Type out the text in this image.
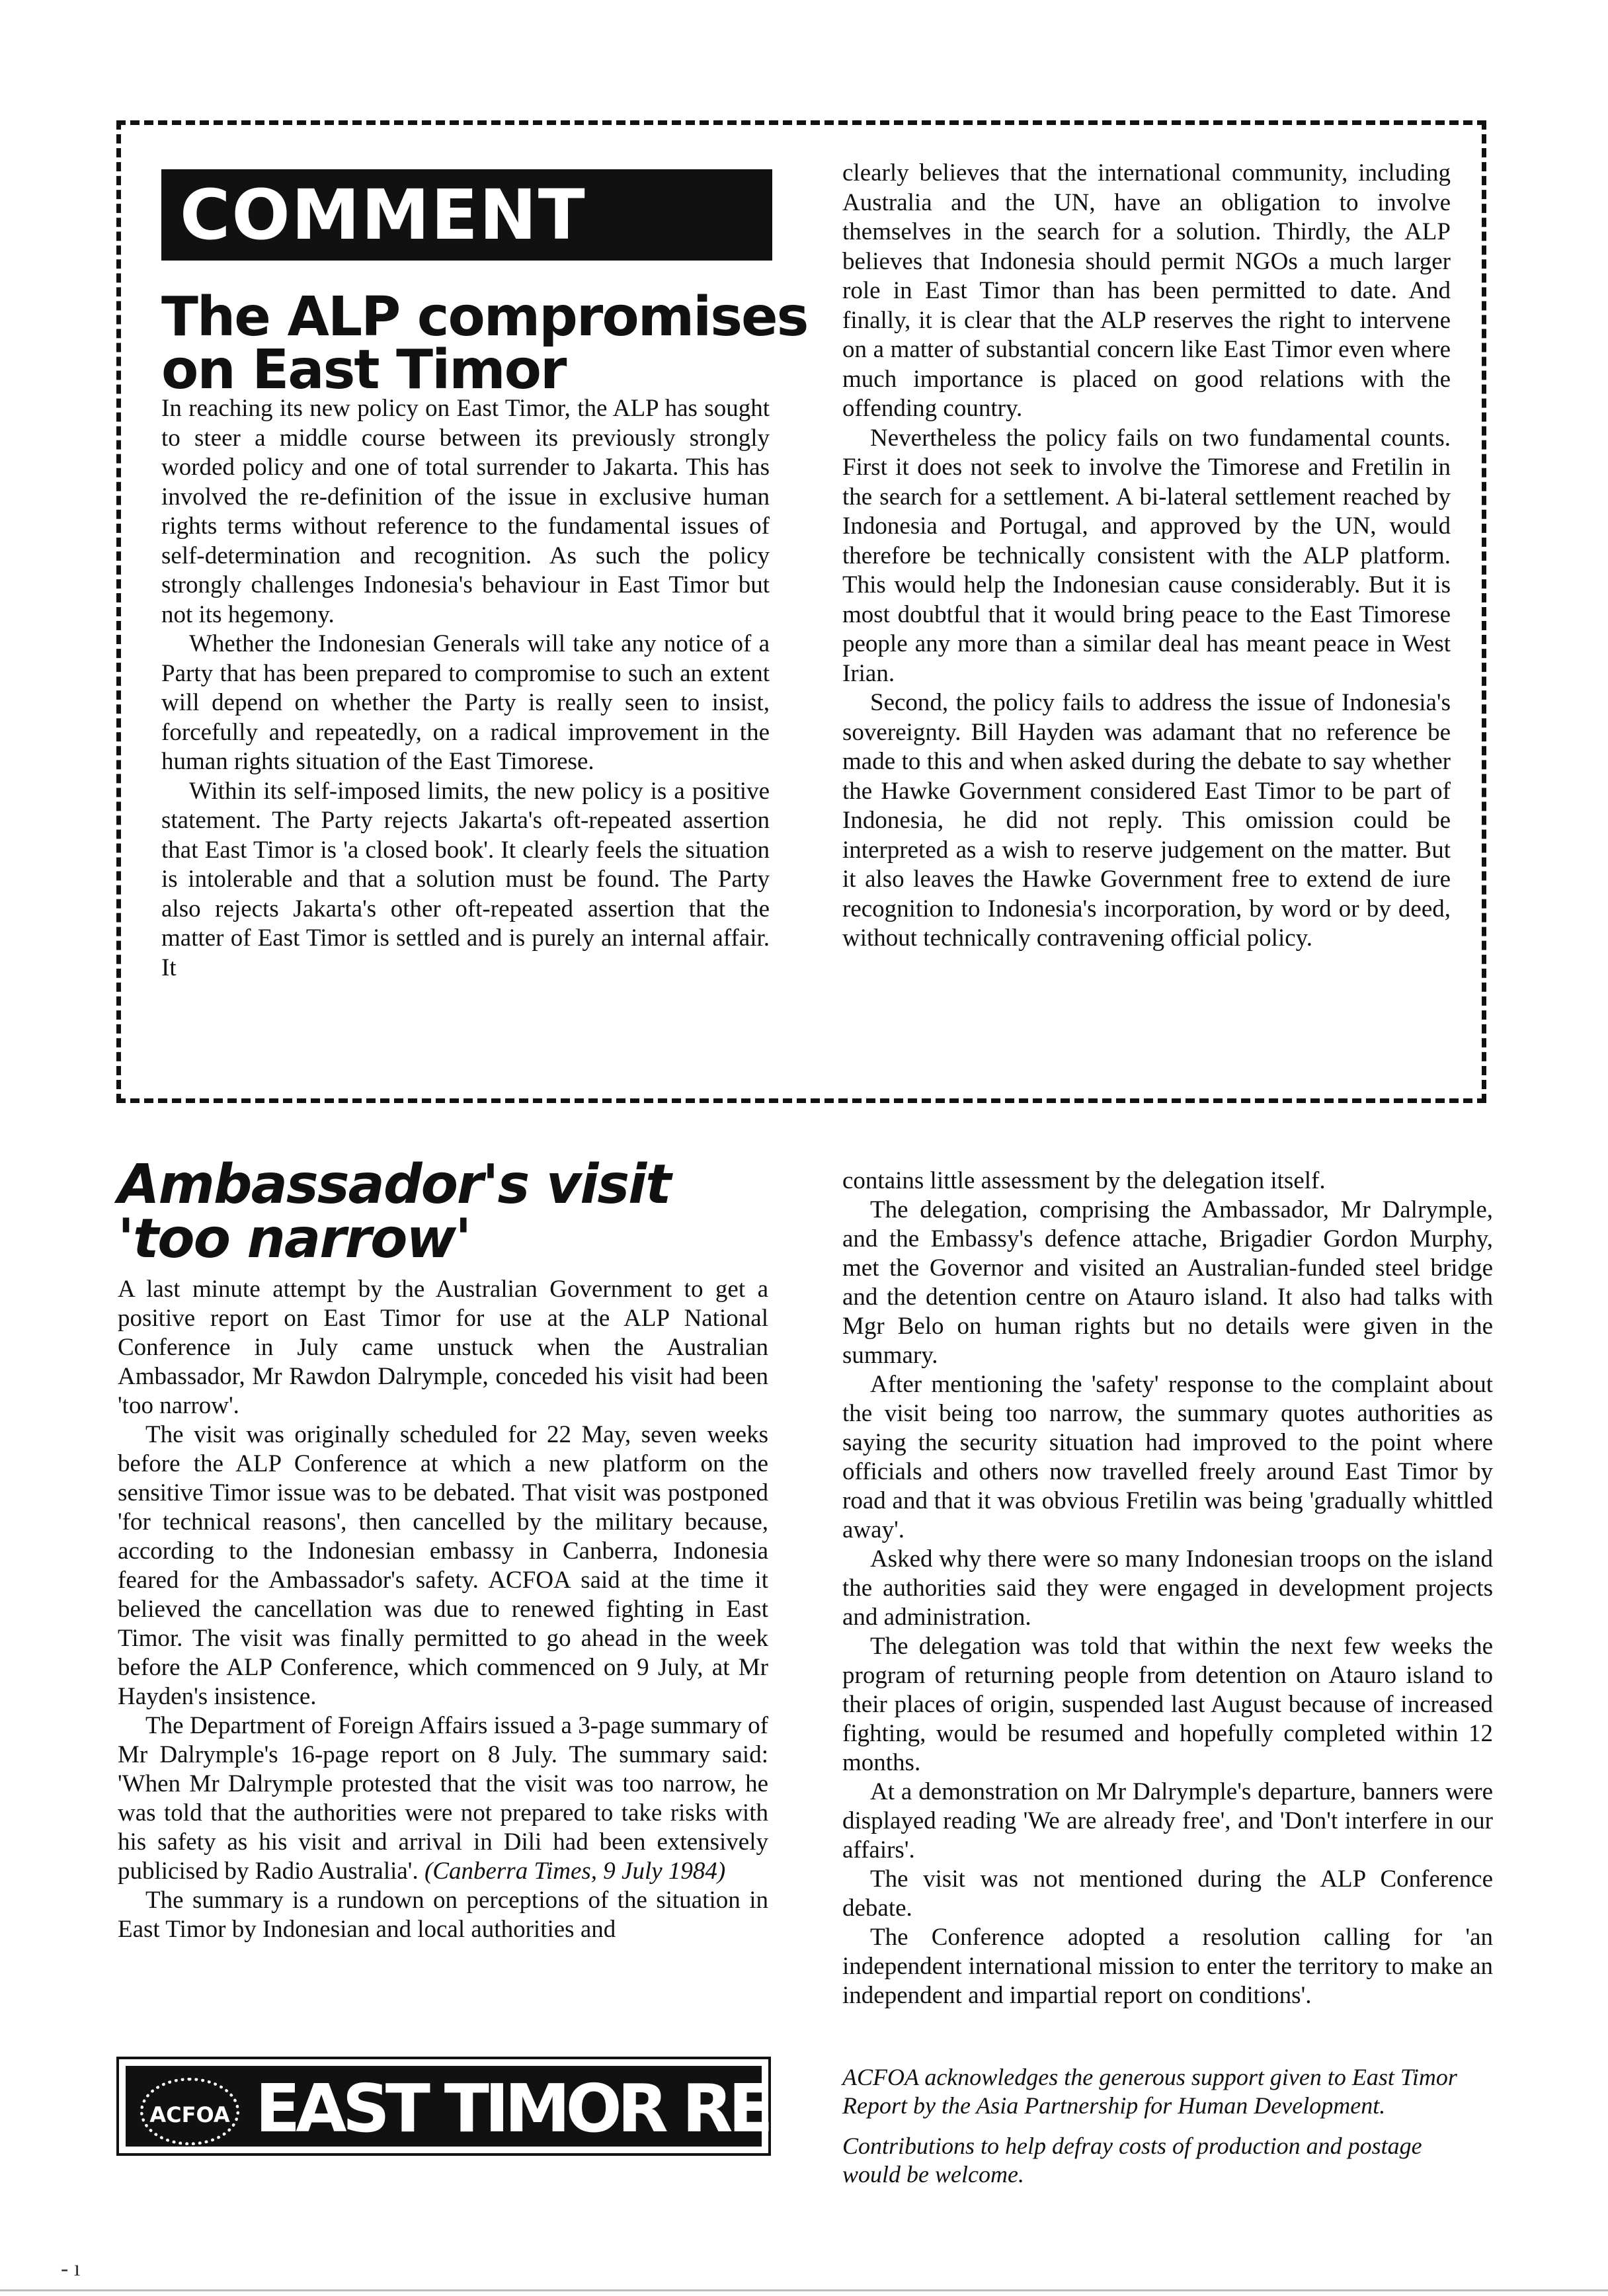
COMMENT
The ALP compromises
on East Timor

In reaching its new policy on East Timor, the ALP has sought to steer a middle course between its previously strongly worded policy and one of total surrender to Jakarta. This has involved the re-definition of the issue in exclusive human rights terms without reference to the fundamental issues of self-determination and recognition. As such the policy strongly challenges Indonesia's behaviour in East Timor but not its hegemony.

Whether the Indonesian Generals will take any notice of a Party that has been prepared to compromise to such an extent will depend on whether the Party is really seen to insist, forcefully and repeatedly, on a radical improvement in the human rights situation of the East Timorese.

Within its self-imposed limits, the new policy is a positive statement. The Party rejects Jakarta's oft-repeated assertion that East Timor is 'a closed book'. It clearly feels the situation is intolerable and that a solution must be found. The Party also rejects Jakarta's other oft-repeated assertion that the matter of East Timor is settled and is purely an internal affair. It

clearly believes that the international community, including Australia and the UN, have an obligation to involve themselves in the search for a solution. Thirdly, the ALP believes that Indonesia should permit NGOs a much larger role in East Timor than has been permitted to date. And finally, it is clear that the ALP reserves the right to intervene on a matter of substantial concern like East Timor even where much importance is placed on good relations with the offending country.

Nevertheless the policy fails on two fundamental counts. First it does not seek to involve the Timorese and Fretilin in the search for a settlement. A bi-lateral settlement reached by Indonesia and Portugal, and approved by the UN, would therefore be technically consistent with the ALP platform. This would help the Indonesian cause considerably. But it is most doubtful that it would bring peace to the East Timorese people any more than a similar deal has meant peace in West Irian.

Second, the policy fails to address the issue of Indonesia's sovereignty. Bill Hayden was adamant that no reference be made to this and when asked during the debate to say whether the Hawke Government considered East Timor to be part of Indonesia, he did not reply. This omission could be interpreted as a wish to reserve judgement on the matter. But it also leaves the Hawke Government free to extend de iure recognition to Indonesia's incorporation, by word or by deed, without technically contravening official policy.

Ambassador's visit
'too narrow'

A last minute attempt by the Australian Government to get a positive report on East Timor for use at the ALP National Conference in July came unstuck when the Australian Ambassador, Mr Rawdon Dalrymple, conceded his visit had been 'too narrow'.

The visit was originally scheduled for 22 May, seven weeks before the ALP Conference at which a new platform on the sensitive Timor issue was to be debated. That visit was postponed 'for technical reasons', then cancelled by the military because, according to the Indonesian embassy in Canberra, Indonesia feared for the Ambassador's safety. ACFOA said at the time it believed the cancellation was due to renewed fighting in East Timor. The visit was finally permitted to go ahead in the week before the ALP Conference, which commenced on 9 July, at Mr Hayden's insistence.

The Department of Foreign Affairs issued a 3-page summary of Mr Dalrymple's 16-page report on 8 July. The summary said: 'When Mr Dalrymple protested that the visit was too narrow, he was told that the authorities were not prepared to take risks with his safety as his visit and arrival in Dili had been extensively publicised by Radio Australia'. (Canberra Times, 9 July 1984)

The summary is a rundown on perceptions of the situation in East Timor by Indonesian and local authorities and

contains little assessment by the delegation itself.

The delegation, comprising the Ambassador, Mr Dalrymple, and the Embassy's defence attache, Brigadier Gordon Murphy, met the Governor and visited an Australian-funded steel bridge and the detention centre on Atauro island. It also had talks with Mgr Belo on human rights but no details were given in the summary.

After mentioning the 'safety' response to the complaint about the visit being too narrow, the summary quotes authorities as saying the security situation had improved to the point where officials and others now travelled freely around East Timor by road and that it was obvious Fretilin was being 'gradually whittled away'.

Asked why there were so many Indonesian troops on the island the authorities said they were engaged in development projects and administration.

The delegation was told that within the next few weeks the program of returning people from detention on Atauro island to their places of origin, suspended last August because of increased fighting, would be resumed and hopefully completed within 12 months.

At a demonstration on Mr Dalrymple's departure, banners were displayed reading 'We are already free', and 'Don't interfere in our affairs'.

The visit was not mentioned during the ALP Conference debate.

The Conference adopted a resolution calling for 'an independent international mission to enter the territory to make an independent and impartial report on conditions'.

ACFOA EAST TIMOR REPORT

ACFOA acknowledges the generous support given to East Timor Report by the Asia Partnership for Human Development.

Contributions to help defray costs of production and postage would be welcome.

- ı
